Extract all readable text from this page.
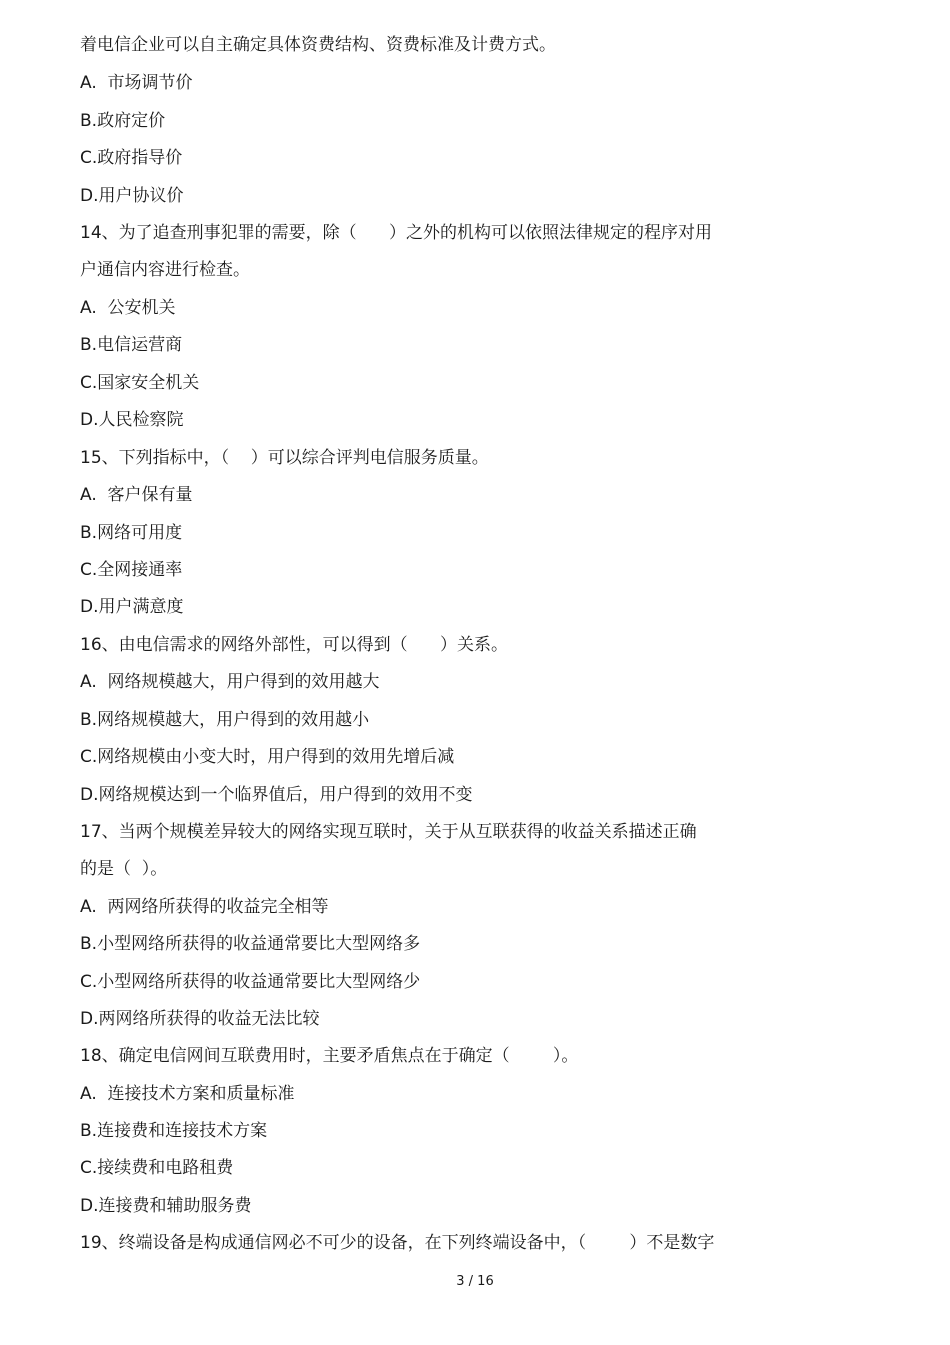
着电信企业可以自主确定具体资费结构、资费标准及计费方式。

A.  市场调节价

B.政府定价

C.政府指导价

D.用户协议价

14、为了追查刑事犯罪的需要，除（      ）之外的机构可以依照法律规定的程序对用

户通信内容进行检查。

A.  公安机关

B.电信运营商

C.国家安全机关

D.人民检察院

15、下列指标中，（    ）可以综合评判电信服务质量。

A.  客户保有量

B.网络可用度

C.全网接通率

D.用户满意度

16、由电信需求的网络外部性，可以得到（      ）关系。

A.  网络规模越大，用户得到的效用越大

B.网络规模越大，用户得到的效用越小

C.网络规模由小变大时，用户得到的效用先增后减

D.网络规模达到一个临界值后，用户得到的效用不变

17、当两个规模差异较大的网络实现互联时，关于从互联获得的收益关系描述正确

的是（  ）。

A.  两网络所获得的收益完全相等

B.小型网络所获得的收益通常要比大型网络多

C.小型网络所获得的收益通常要比大型网络少

D.两网络所获得的收益无法比较

18、确定电信网间互联费用时，主要矛盾焦点在于确定（        ）。

A.  连接技术方案和质量标准

B.连接费和连接技术方案

C.接续费和电路租费

D.连接费和辅助服务费

19、终端设备是构成通信网必不可少的设备，在下列终端设备中，（        ）不是数字

3 / 16
